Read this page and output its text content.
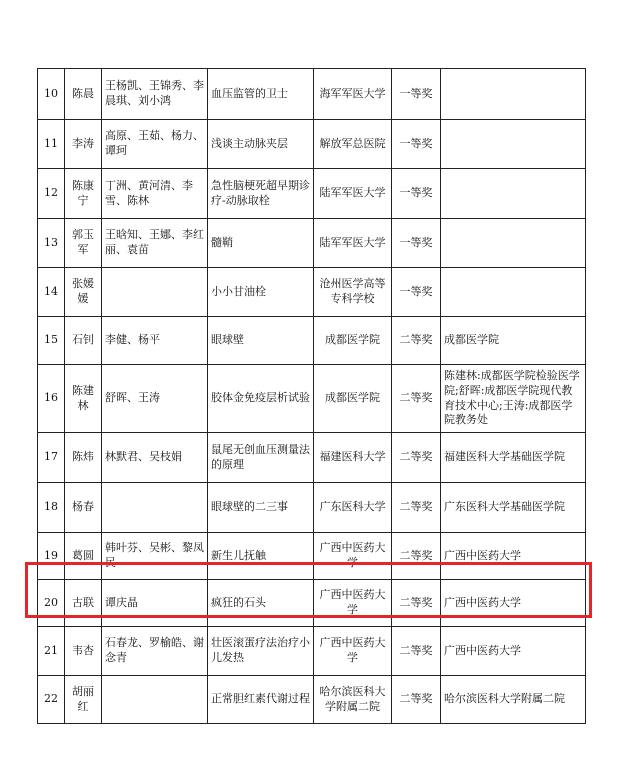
10	陈晨	王杨凯、王锦秀、李晨琪、刘小鸿	血压监管的卫士	海军军医大学	一等奖	
11	李涛	高原、王茹、杨力、谭珂	浅谈主动脉夹层	解放军总医院	一等奖	
12	陈康宁	丁洲、黄河清、李雪、陈林	急性脑梗死超早期诊疗-动脉取栓	陆军军医大学	一等奖	
13	郭玉军	王晗知、王娜、李红丽、袁苗	髓鞘	陆军军医大学	一等奖	
14	张媛媛		小小甘油栓	沧州医学高等专科学校	一等奖	
15	石钊	李健、杨平	眼球壁	成都医学院	二等奖	成都医学院
16	陈建林	舒晖、王涛	胶体金免疫层析试验	成都医学院	二等奖	陈建林:成都医学院检验医学院;舒晖:成都医学院现代教育技术中心;王涛:成都医学院教务处
17	陈炜	林默君、吴枝娟	鼠尾无创血压测量法的原理	福建医科大学	二等奖	福建医科大学基础医学院
18	杨春		眼球壁的二三事	广东医科大学	二等奖	广东医科大学基础医学院
19	葛圆	韩叶芬、吴彬、黎凤民	新生儿抚触	广西中医药大学	二等奖	广西中医药大学
20	古联	谭庆晶	疯狂的石头	广西中医药大学	二等奖	广西中医药大学
21	韦杏	石春龙、罗榆皓、谢念青	壮医滚蛋疗法治疗小儿发热	广西中医药大学	二等奖	广西中医药大学
22	胡丽红		正常胆红素代谢过程	哈尔滨医科大学附属二院	二等奖	哈尔滨医科大学附属二院
